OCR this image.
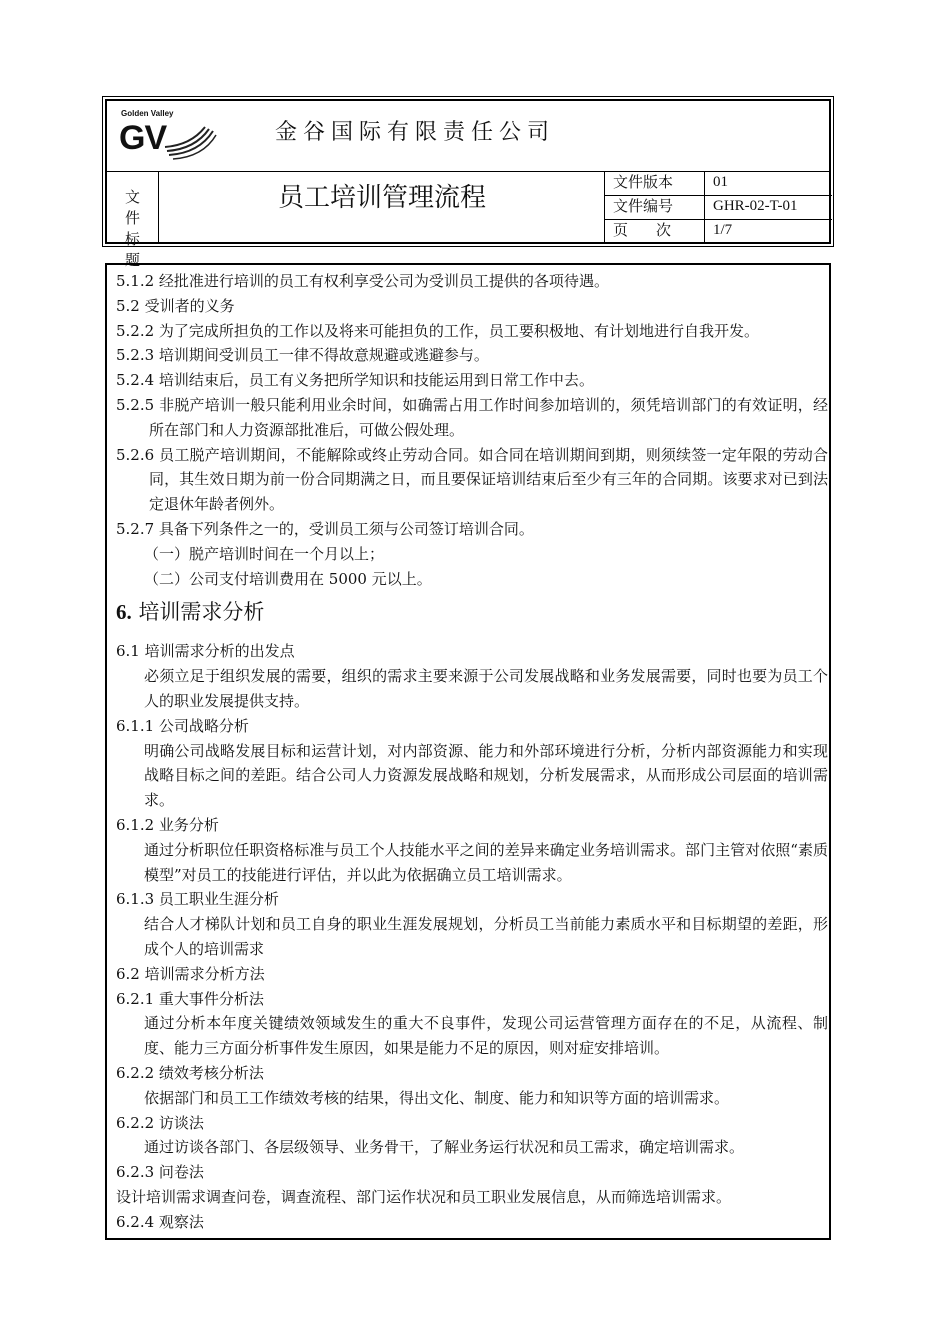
Golden Valley
GV	金谷国际有限责任公司
文件标题
员工培训管理流程
文件版本	01
文件编号	GHR-02-T-01
页次 1/7

5.1.2 经批准进行培训的员工有权利享受公司为受训员工提供的各项待遇。

5.2 受训者的义务

5.2.2 为了完成所担负的工作以及将来可能担负的工作，员工要积极地、有计划地进行自我开发。

5.2.3 培训期间受训员工一律不得故意规避或逃避参与。

5.2.4 培训结束后，员工有义务把所学知识和技能运用到日常工作中去。

5.2.5 非脱产培训一般只能利用业余时间，如确需占用工作时间参加培训的，须凭培训部门的有效证明，经所在部门和人力资源部批准后，可做公假处理。

5.2.6 员工脱产培训期间，不能解除或终止劳动合同。如合同在培训期间到期，则须续签一定年限的劳动合同，其生效日期为前一份合同期满之日，而且要保证培训结束后至少有三年的合同期。该要求对已到法定退休年龄者例外。

5.2.7 具备下列条件之一的，受训员工须与公司签订培训合同。

（一）脱产培训时间在一个月以上；

（二）公司支付培训费用在 5000 元以上。

6. 培训需求分析

6.1 培训需求分析的出发点

必须立足于组织发展的需要，组织的需求主要来源于公司发展战略和业务发展需要，同时也要为员工个人的职业发展提供支持。

6.1.1 公司战略分析

明确公司战略发展目标和运营计划，对内部资源、能力和外部环境进行分析，分析内部资源能力和实现战略目标之间的差距。结合公司人力资源发展战略和规划，分析发展需求，从而形成公司层面的培训需求。

6.1.2 业务分析

通过分析职位任职资格标准与员工个人技能水平之间的差异来确定业务培训需求。部门主管对依照“素质模型”对员工的技能进行评估，并以此为依据确立员工培训需求。

6.1.3 员工职业生涯分析

结合人才梯队计划和员工自身的职业生涯发展规划，分析员工当前能力素质水平和目标期望的差距，形成个人的培训需求

6.2 培训需求分析方法

6.2.1 重大事件分析法

通过分析本年度关键绩效领域发生的重大不良事件，发现公司运营管理方面存在的不足，从流程、制度、能力三方面分析事件发生原因，如果是能力不足的原因，则对症安排培训。

6.2.2 绩效考核分析法

依据部门和员工工作绩效考核的结果，得出文化、制度、能力和知识等方面的培训需求。

6.2.2 访谈法

通过访谈各部门、各层级领导、业务骨干，了解业务运行状况和员工需求，确定培训需求。

6.2.3 问卷法

设计培训需求调查问卷，调查流程、部门运作状况和员工职业发展信息，从而筛选培训需求。

6.2.4 观察法
